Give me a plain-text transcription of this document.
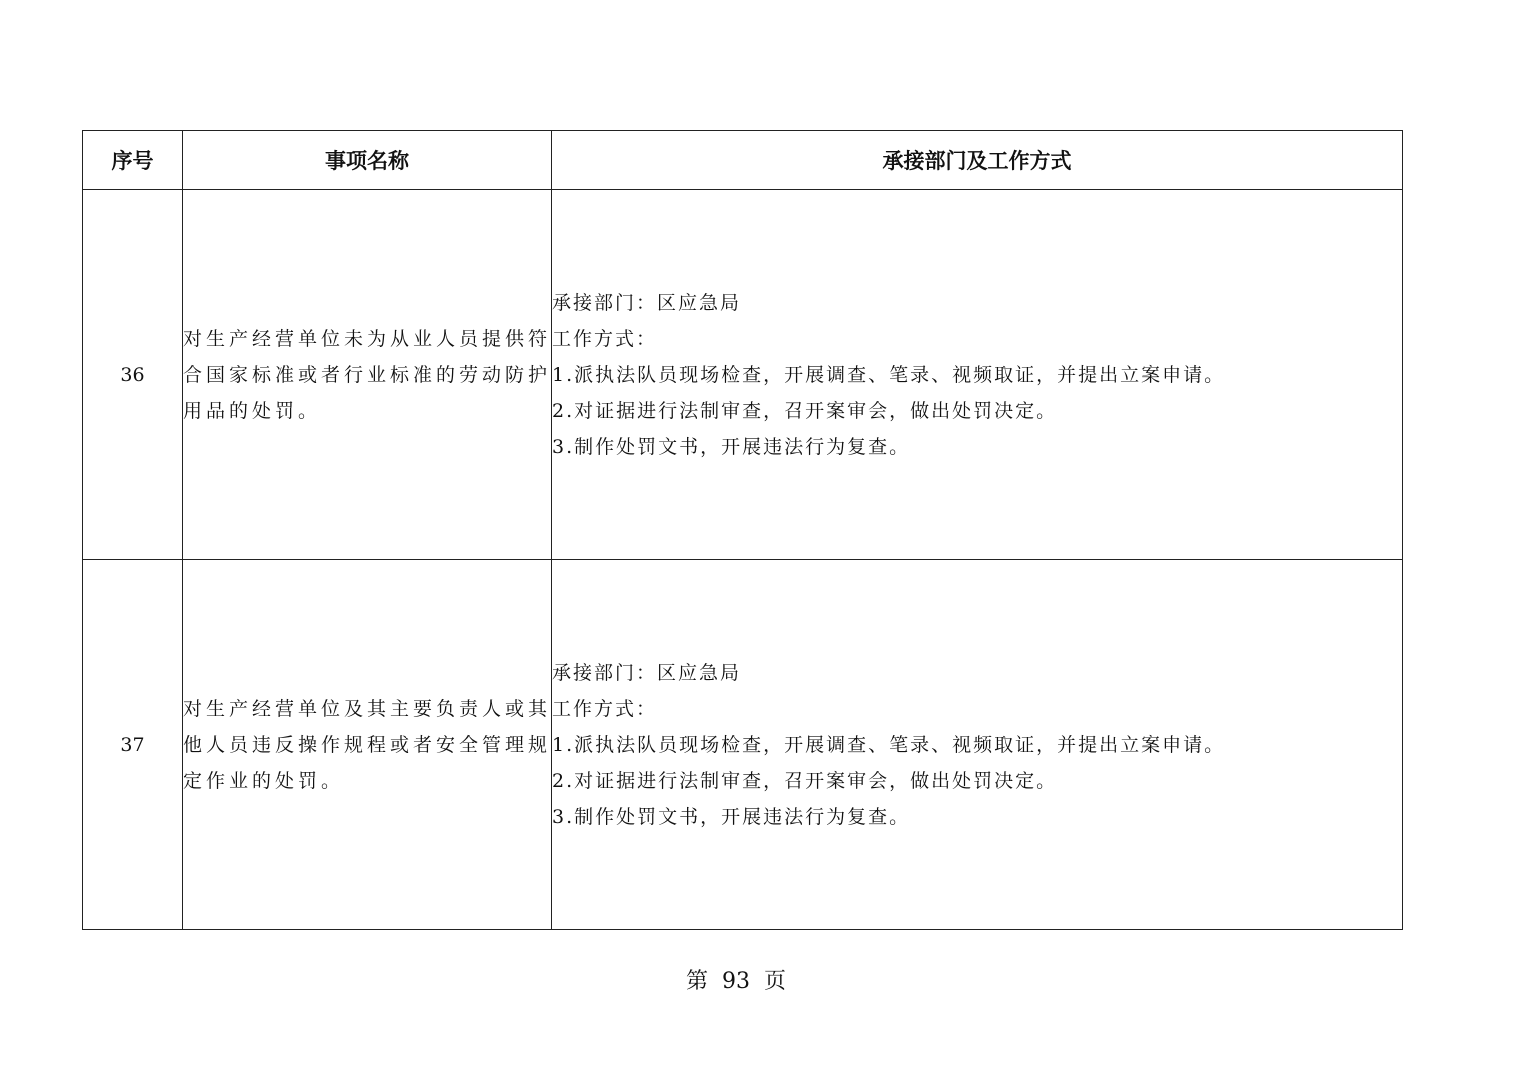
序号	事项名称	承接部门及工作方式
36	对生产经营单位未为从业人员提供符合国家标准或者行业标准的劳动防护用品的处罚。	承接部门：区应急局
工作方式：
1.派执法队员现场检查，开展调查、笔录、视频取证，并提出立案申请。
2.对证据进行法制审查，召开案审会，做出处罚决定。
3.制作处罚文书，开展违法行为复查。

37	对生产经营单位及其主要负责人或其他人员违反操作规程或者安全管理规定作业的处罚。	承接部门：区应急局
工作方式：
1.派执法队员现场检查，开展调查、笔录、视频取证，并提出立案申请。
2.对证据进行法制审查，召开案审会，做出处罚决定。
3.制作处罚文书，开展违法行为复查。
第 93 页
